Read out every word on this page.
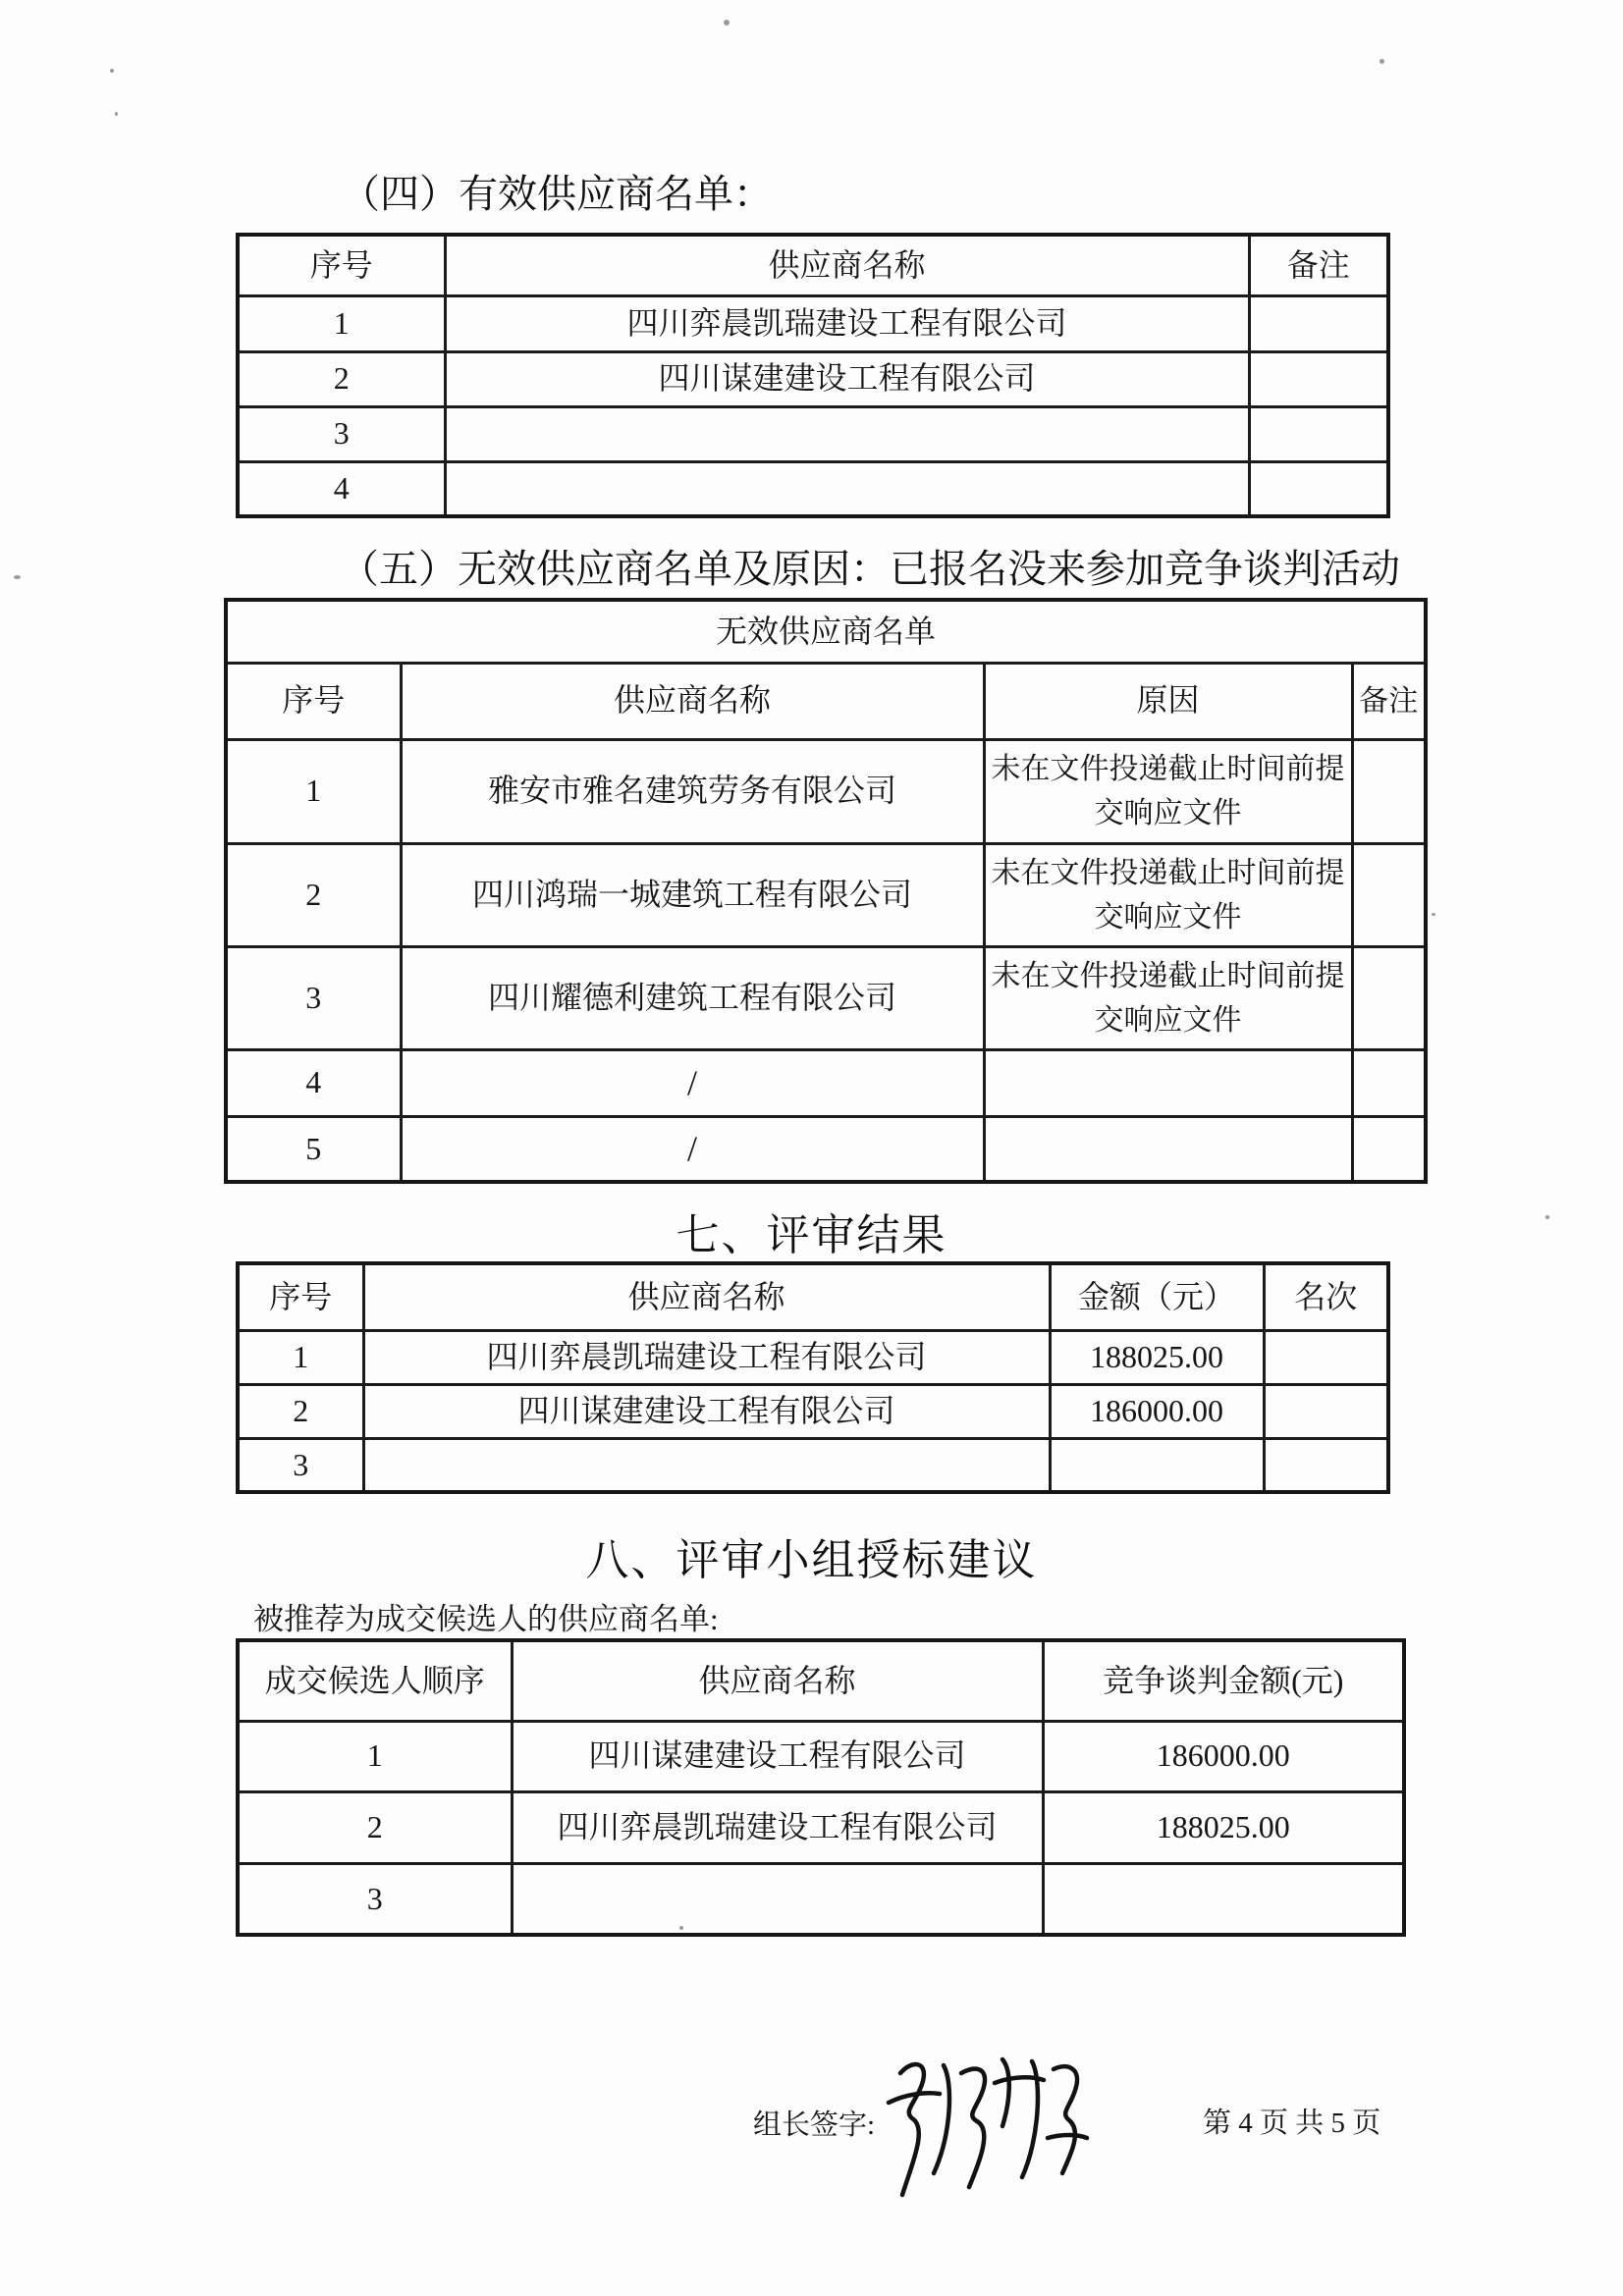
（四）有效供应商名单：
序号	供应商名称	备注
1	四川弈晨凯瑞建设工程有限公司	
2	四川谋建建设工程有限公司	
3		
4		
（五）无效供应商名单及原因：已报名没来参加竞争谈判活动
无效供应商名单			
序号	供应商名称	原因	备注
1	雅安市雅名建筑劳务有限公司	未在文件投递截止时间前提交响应文件	
2	四川鸿瑞一城建筑工程有限公司	未在文件投递截止时间前提交响应文件	
3	四川耀德利建筑工程有限公司	未在文件投递截止时间前提交响应文件	
4	/		
5	/		
七、评审结果
序号	供应商名称	金额（元）	名次
1	四川弈晨凯瑞建设工程有限公司	188025.00	
2	四川谋建建设工程有限公司	186000.00	
3			
八、评审小组授标建议
被推荐为成交候选人的供应商名单:
成交候选人顺序	供应商名称	竞争谈判金额(元)
1	四川谋建建设工程有限公司	186000.00
2	四川弈晨凯瑞建设工程有限公司	188025.00
3		
组长签字:	第 4 页 共 5 页
